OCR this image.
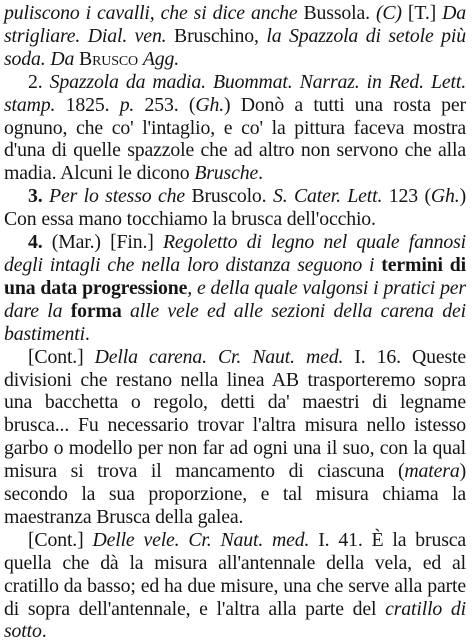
puliscono i cavalli, che si dice anche Bussola. (C) [T.] Da strigliare. Dial. ven. Bruschino, la Spazzola di setole più soda. Da Brusco Agg.

2. Spazzola da madia. Buommat. Narraz. in Red. Lett. stamp. 1825. p. 253. (Gh.) Donò a tutti una rosta per ognuno, che co' l'intaglio, e co' la pittura faceva mostra d'una di quelle spazzole che ad altro non servono che alla madia. Alcuni le dicono Brusche.

3. Per lo stesso che Bruscolo. S. Cater. Lett. 123 (Gh.) Con essa mano tocchiamo la brusca dell'occhio.

4. (Mar.) [Fin.] Regoletto di legno nel quale fannosi degli intagli che nella loro distanza seguono i termini di una data progressione, e della quale valgonsi i pratici per dare la forma alle vele ed alle sezioni della carena dei bastimenti.

[Cont.] Della carena. Cr. Naut. med. I. 16. Queste divisioni che restano nella linea AB trasporteremo sopra una bacchetta o regolo, detti da' maestri di legname brusca... Fu necessario trovar l'altra misura nello istesso garbo o modello per non far ad ogni una il suo, con la qual misura si trova il mancamento di ciascuna (matera) secondo la sua proporzione, e tal misura chiama la maestranza Brusca della galea.

[Cont.] Delle vele. Cr. Naut. med. I. 41. È la brusca quella che dà la misura all'antennale della vela, ed al cratillo da basso; ed ha due misure, una che serve alla parte di sopra dell'antennale, e l'altra alla parte del cratillo di sotto.
